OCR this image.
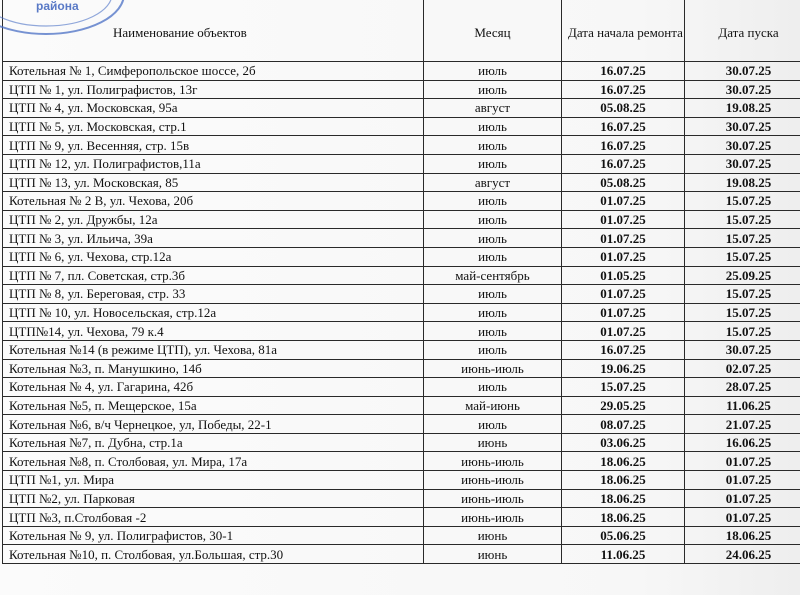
Наименование объектов	Месяц	Дата начала ремонта	Дата пуска	
Котельная № 1, Симферопольское шоссе, 2б	июль	16.07.25	30.07.25	
ЦТП № 1, ул. Полиграфистов, 13г	июль	16.07.25	30.07.25	
ЦТП № 4, ул. Московская, 95а	август	05.08.25	19.08.25	
ЦТП № 5, ул. Московская, стр.1	июль	16.07.25	30.07.25	
ЦТП № 9, ул. Весенняя, стр. 15в	июль	16.07.25	30.07.25	
ЦТП № 12, ул. Полиграфистов,11а	июль	16.07.25	30.07.25	
ЦТП № 13, ул. Московская, 85	август	05.08.25	19.08.25	
Котельная № 2 В, ул. Чехова, 20б	июль	01.07.25	15.07.25	
ЦТП № 2, ул. Дружбы, 12а	июль	01.07.25	15.07.25	
ЦТП № 3, ул. Ильича, 39а	июль	01.07.25	15.07.25	
ЦТП № 6, ул. Чехова, стр.12а	июль	01.07.25	15.07.25	
ЦТП № 7, пл. Советская, стр.3б	май-сентябрь	01.05.25	25.09.25	
ЦТП № 8, ул. Береговая, стр. 33	июль	01.07.25	15.07.25	
ЦТП № 10, ул. Новосельская, стр.12а	июль	01.07.25	15.07.25	
ЦТП№14, ул. Чехова, 79 к.4	июль	01.07.25	15.07.25	
Котельная №14 (в режиме ЦТП), ул. Чехова, 81а	июль	16.07.25	30.07.25	
Котельная №3, п. Манушкино, 14б	июнь-июль	19.06.25	02.07.25	
Котельная № 4, ул. Гагарина, 42б	июль	15.07.25	28.07.25	
Котельная №5, п. Мещерское, 15а	май-июнь	29.05.25	11.06.25	
Котельная №6, в/ч Чернецкое, ул, Победы, 22-1	июль	08.07.25	21.07.25	
Котельная №7, п. Дубна, стр.1а	июнь	03.06.25	16.06.25	
Котельная №8, п. Столбовая, ул. Мира, 17а	июнь-июль	18.06.25	01.07.25	
ЦТП №1, ул. Мира	июнь-июль	18.06.25	01.07.25	
ЦТП №2, ул. Парковая	июнь-июль	18.06.25	01.07.25	
ЦТП №3, п.Столбовая -2	июнь-июль	18.06.25	01.07.25	
Котельная № 9, ул. Полиграфистов, 30-1	июнь	05.06.25	18.06.25	
Котельная №10, п. Столбовая, ул.Большая, стр.30	июнь	11.06.25	24.06.25	
района
